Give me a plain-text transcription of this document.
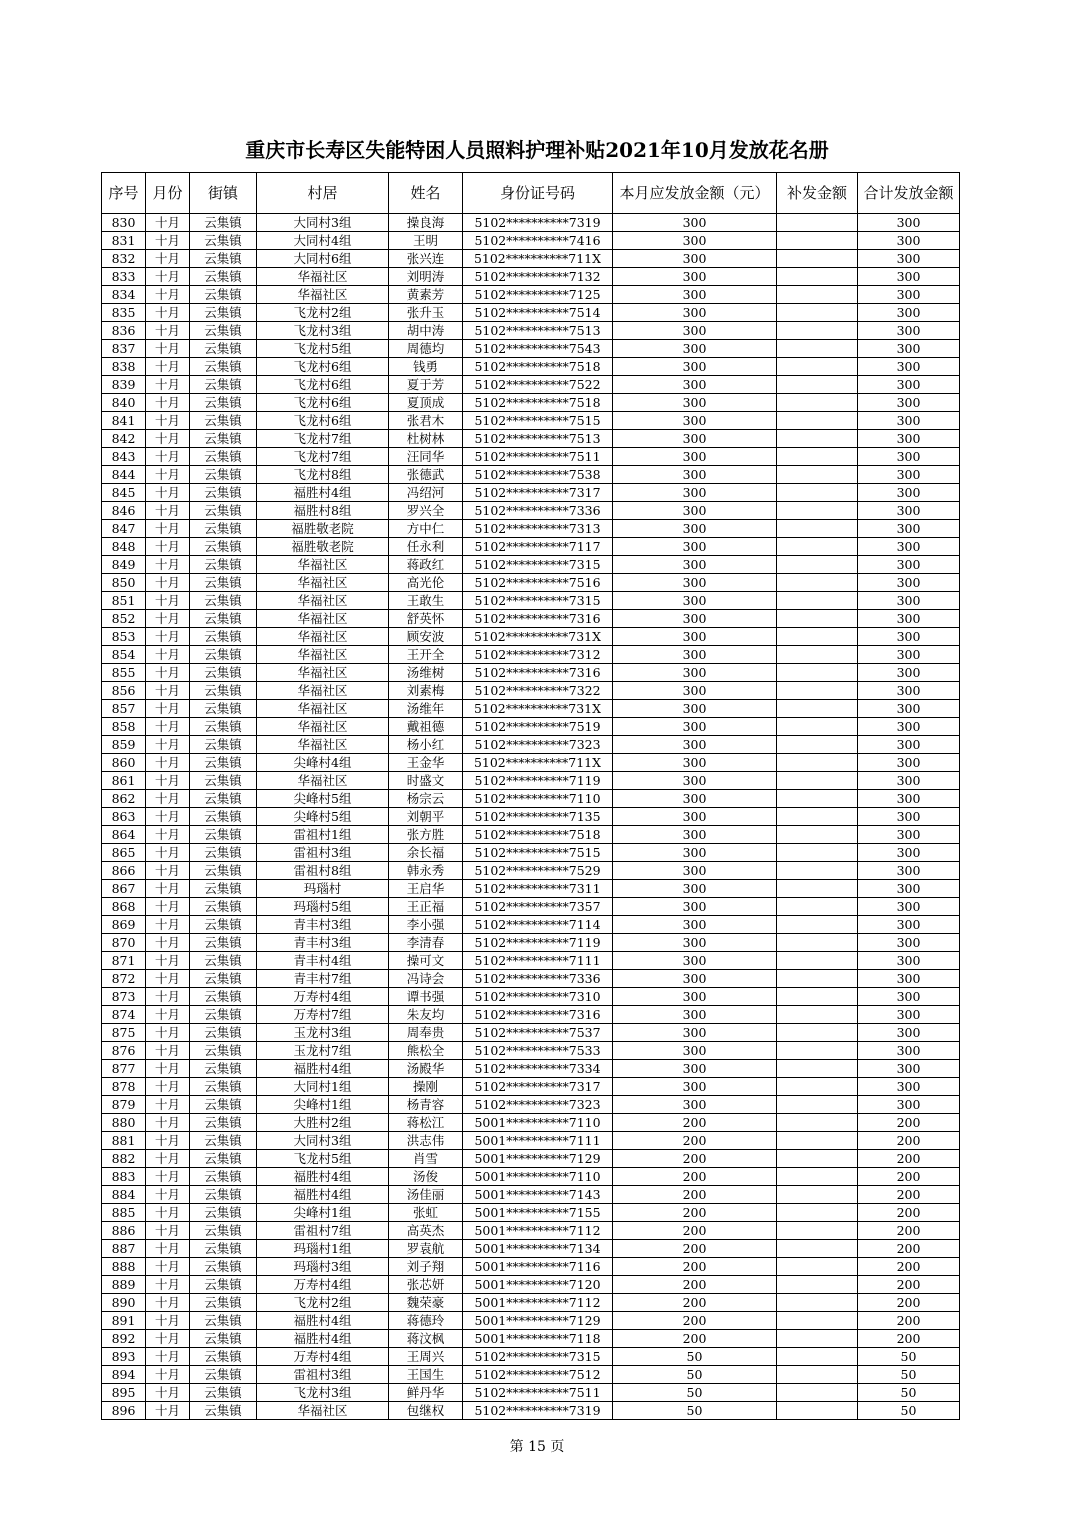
重庆市长寿区失能特困人员照料护理补贴2021年10月发放花名册
序号	月份	街镇	村居	姓名	身份证号码	本月应发放金额（元）	补发金额	合计发放金额
830	十月	云集镇	大同村3组	操良海	5102**********7319	300		300
831	十月	云集镇	大同村4组	王明	5102**********7416	300		300
832	十月	云集镇	大同村6组	张兴连	5102**********711X	300		300
833	十月	云集镇	华福社区	刘明涛	5102**********7132	300		300
834	十月	云集镇	华福社区	黄素芳	5102**********7125	300		300
835	十月	云集镇	飞龙村2组	张升玉	5102**********7514	300		300
836	十月	云集镇	飞龙村3组	胡中涛	5102**********7513	300		300
837	十月	云集镇	飞龙村5组	周德均	5102**********7543	300		300
838	十月	云集镇	飞龙村6组	钱勇	5102**********7518	300		300
839	十月	云集镇	飞龙村6组	夏于芳	5102**********7522	300		300
840	十月	云集镇	飞龙村6组	夏顶成	5102**********7518	300		300
841	十月	云集镇	飞龙村6组	张君木	5102**********7515	300		300
842	十月	云集镇	飞龙村7组	杜树林	5102**********7513	300		300
843	十月	云集镇	飞龙村7组	汪同华	5102**********7511	300		300
844	十月	云集镇	飞龙村8组	张德武	5102**********7538	300		300
845	十月	云集镇	福胜村4组	冯绍河	5102**********7317	300		300
846	十月	云集镇	福胜村8组	罗兴全	5102**********7336	300		300
847	十月	云集镇	福胜敬老院	方中仁	5102**********7313	300		300
848	十月	云集镇	福胜敬老院	任永利	5102**********7117	300		300
849	十月	云集镇	华福社区	蒋政红	5102**********7315	300		300
850	十月	云集镇	华福社区	高光伦	5102**********7516	300		300
851	十月	云集镇	华福社区	王敢生	5102**********7315	300		300
852	十月	云集镇	华福社区	舒英怀	5102**********7316	300		300
853	十月	云集镇	华福社区	顾安波	5102**********731X	300		300
854	十月	云集镇	华福社区	王开全	5102**********7312	300		300
855	十月	云集镇	华福社区	汤维树	5102**********7316	300		300
856	十月	云集镇	华福社区	刘素梅	5102**********7322	300		300
857	十月	云集镇	华福社区	汤维年	5102**********731X	300		300
858	十月	云集镇	华福社区	戴祖德	5102**********7519	300		300
859	十月	云集镇	华福社区	杨小红	5102**********7323	300		300
860	十月	云集镇	尖峰村4组	王金华	5102**********711X	300		300
861	十月	云集镇	华福社区	时盛文	5102**********7119	300		300
862	十月	云集镇	尖峰村5组	杨宗云	5102**********7110	300		300
863	十月	云集镇	尖峰村5组	刘朝平	5102**********7135	300		300
864	十月	云集镇	雷祖村1组	张方胜	5102**********7518	300		300
865	十月	云集镇	雷祖村3组	余长福	5102**********7515	300		300
866	十月	云集镇	雷祖村8组	韩永秀	5102**********7529	300		300
867	十月	云集镇	玛瑙村	王启华	5102**********7311	300		300
868	十月	云集镇	玛瑙村5组	王正福	5102**********7357	300		300
869	十月	云集镇	青丰村3组	李小强	5102**********7114	300		300
870	十月	云集镇	青丰村3组	李清春	5102**********7119	300		300
871	十月	云集镇	青丰村4组	操可文	5102**********7111	300		300
872	十月	云集镇	青丰村7组	冯诗会	5102**********7336	300		300
873	十月	云集镇	万寿村4组	谭书强	5102**********7310	300		300
874	十月	云集镇	万寿村7组	朱友均	5102**********7316	300		300
875	十月	云集镇	玉龙村3组	周奉贵	5102**********7537	300		300
876	十月	云集镇	玉龙村7组	熊松全	5102**********7533	300		300
877	十月	云集镇	福胜村4组	汤殿华	5102**********7334	300		300
878	十月	云集镇	大同村1组	操刚	5102**********7317	300		300
879	十月	云集镇	尖峰村1组	杨青容	5102**********7323	300		300
880	十月	云集镇	大胜村2组	蒋松江	5001**********7110	200		200
881	十月	云集镇	大同村3组	洪志伟	5001**********7111	200		200
882	十月	云集镇	飞龙村5组	肖雪	5001**********7129	200		200
883	十月	云集镇	福胜村4组	汤俊	5001**********7110	200		200
884	十月	云集镇	福胜村4组	汤佳丽	5001**********7143	200		200
885	十月	云集镇	尖峰村1组	张虹	5001**********7155	200		200
886	十月	云集镇	雷祖村7组	高英杰	5001**********7112	200		200
887	十月	云集镇	玛瑙村1组	罗袁航	5001**********7134	200		200
888	十月	云集镇	玛瑙村3组	刘子翔	5001**********7116	200		200
889	十月	云集镇	万寿村4组	张芯妍	5001**********7120	200		200
890	十月	云集镇	飞龙村2组	魏荣豪	5001**********7112	200		200
891	十月	云集镇	福胜村4组	蒋德玲	5001**********7129	200		200
892	十月	云集镇	福胜村4组	蒋汶枫	5001**********7118	200		200
893	十月	云集镇	万寿村4组	王周兴	5102**********7315	50		50
894	十月	云集镇	雷祖村3组	王国生	5102**********7512	50		50
895	十月	云集镇	飞龙村3组	鲜丹华	5102**********7511	50		50
896	十月	云集镇	华福社区	包继权	5102**********7319	50		50
第 15 页
